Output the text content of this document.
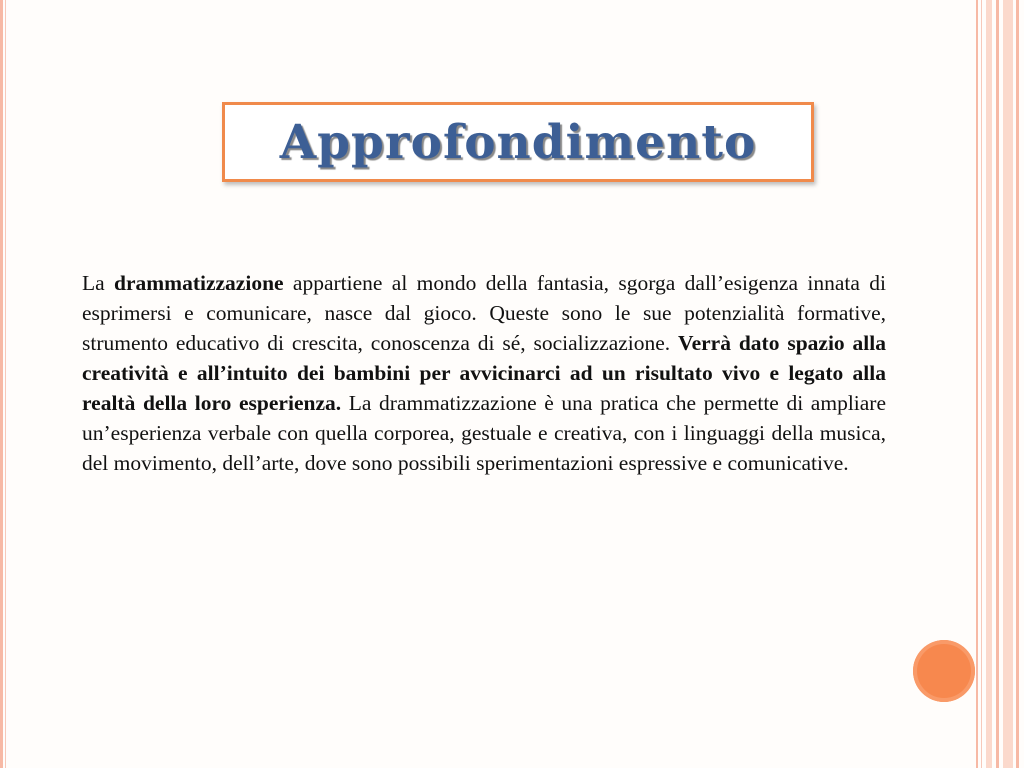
Approfondimento

La drammatizzazione appartiene al mondo della fantasia, sgorga dall’esigenza innata di esprimersi e comunicare, nasce dal gioco. Queste sono le sue potenzialità formative, strumento educativo di crescita, conoscenza di sé, socializzazione. Verrà dato spazio alla creatività e all’intuito dei bambini per avvicinarci ad un risultato vivo e legato alla realtà della loro esperienza. La drammatizzazione è una pratica che permette di ampliare un’esperienza verbale con quella corporea, gestuale e creativa, con i linguaggi della musica, del movimento, dell’arte, dove sono possibili sperimentazioni espressive e comunicative.
